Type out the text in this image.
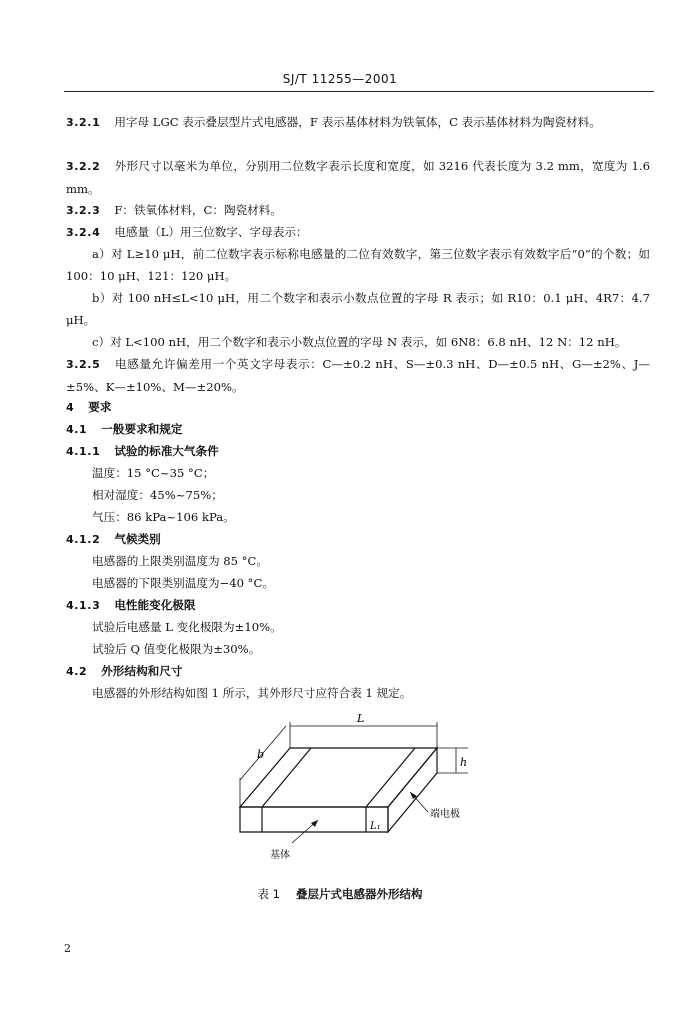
SJ/T 11255—2001
3.2.1 用字母 LGC 表示叠层型片式电感器，F 表示基体材料为铁氧体，C 表示基体材料为陶瓷材料。
3.2.2 外形尺寸以毫米为单位，分别用二位数字表示长度和宽度，如 3216 代表长度为 3.2 mm，宽度为 1.6 mm。
3.2.3 F：铁氧体材料，C：陶瓷材料。
3.2.4 电感量（L）用三位数字、字母表示：
a）对 L≥10 μH，前二位数字表示标称电感量的二位有效数字，第三位数字表示有效数字后“0”的个数；如 100：10 μH、121：120 μH。
b）对 100 nH≤L<10 μH，用二个数字和表示小数点位置的字母 R 表示；如 R10：0.1 μH、4R7：4.7 μH。
c）对 L<100 nH，用二个数字和表示小数点位置的字母 N 表示，如 6N8：6.8 nH、12 N：12 nH。
3.2.5 电感量允许偏差用一个英文字母表示：C—±0.2 nH、S—±0.3 nH、D—±0.5 nH、G—±2%、J—±5%、K—±10%、M—±20%。
4 要求
4.1 一般要求和规定
4.1.1 试验的标准大气条件
温度：15 °C~35 °C；
相对湿度：45%~75%；
气压：86 kPa~106 kPa。
4.1.2 气候类别
电感器的上限类别温度为 85 °C。
电感器的下限类别温度为−40 °C。
4.1.3 电性能变化极限
试验后电感量 L 变化极限为±10%。
试验后 Q 值变化极限为±30%。
4.2 外形结构和尺寸
电感器的外形结构如图 1 所示，其外形尺寸应符合表 1 规定。
L
b
h
L₁
端电极
基体
表 1 叠层片式电感器外形结构
2
